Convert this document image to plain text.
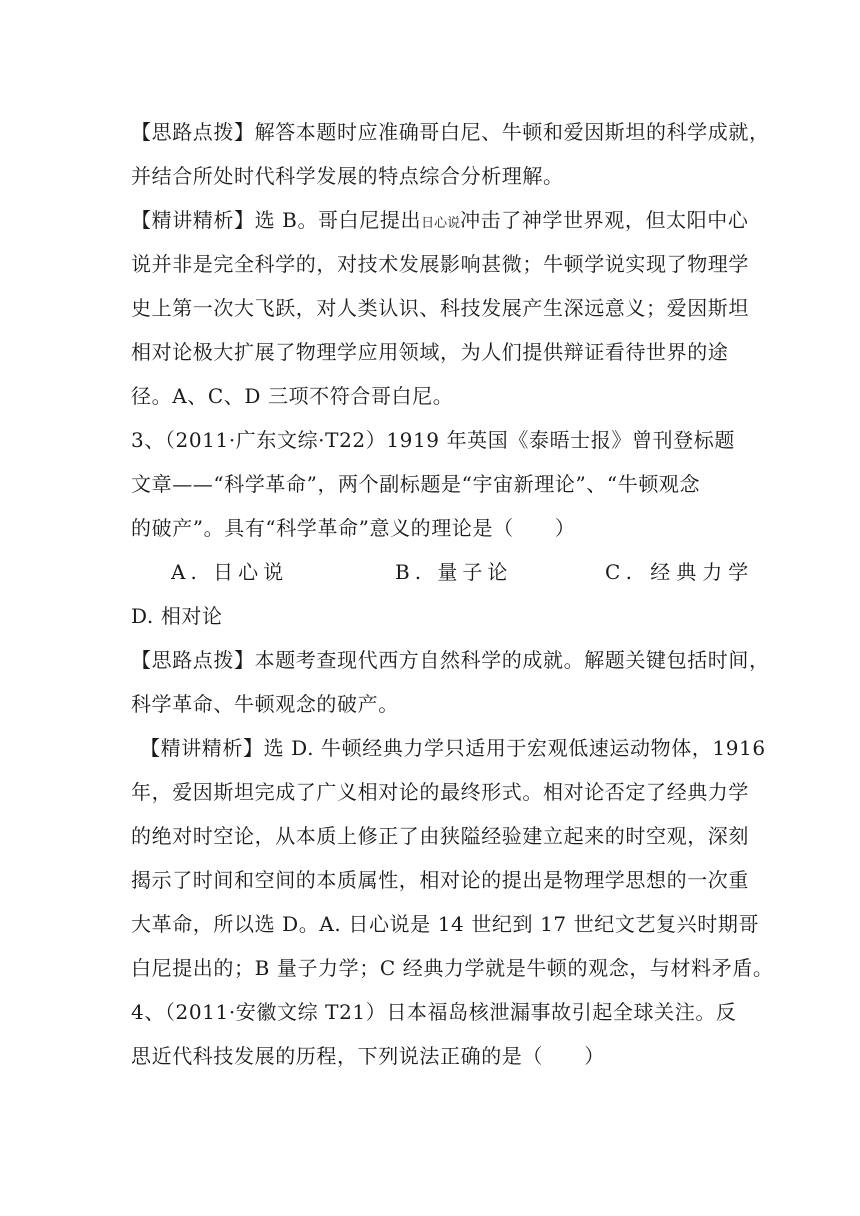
【思路点拨】解答本题时应准确哥白尼、牛顿和爱因斯坦的科学成就，
并结合所处时代科学发展的特点综合分析理解。
【精讲精析】选 B。哥白尼提出日心说冲击了神学世界观，但太阳中心
说并非是完全科学的，对技术发展影响甚微；牛顿学说实现了物理学
史上第一次大飞跃，对人类认识、科技发展产生深远意义；爱因斯坦
相对论极大扩展了物理学应用领域，为人们提供辩证看待世界的途
径。A、C、D 三项不符合哥白尼。
3、（2011·广东文综·T22）1919 年英国《泰晤士报》曾刊登标题
文章——“科学革命”，两个副标题是“宇宙新理论”、“牛顿观念
的破产”。具有“科学革命”意义的理论是（　　）
A. 日心说	B. 量子论	C. 经典力学
D. 相对论
【思路点拨】本题考查现代西方自然科学的成就。解题关键包括时间，
科学革命、牛顿观念的破产。
【精讲精析】选 D. 牛顿经典力学只适用于宏观低速运动物体，1916
年，爱因斯坦完成了广义相对论的最终形式。相对论否定了经典力学
的绝对时空论，从本质上修正了由狭隘经验建立起来的时空观，深刻
揭示了时间和空间的本质属性，相对论的提出是物理学思想的一次重
大革命，所以选 D。A. 日心说是 14 世纪到 17 世纪文艺复兴时期哥
白尼提出的；B 量子力学；C 经典力学就是牛顿的观念，与材料矛盾。
4、（2011·安徽文综 T21）日本福岛核泄漏事故引起全球关注。反
思近代科技发展的历程，下列说法正确的是（　　）
